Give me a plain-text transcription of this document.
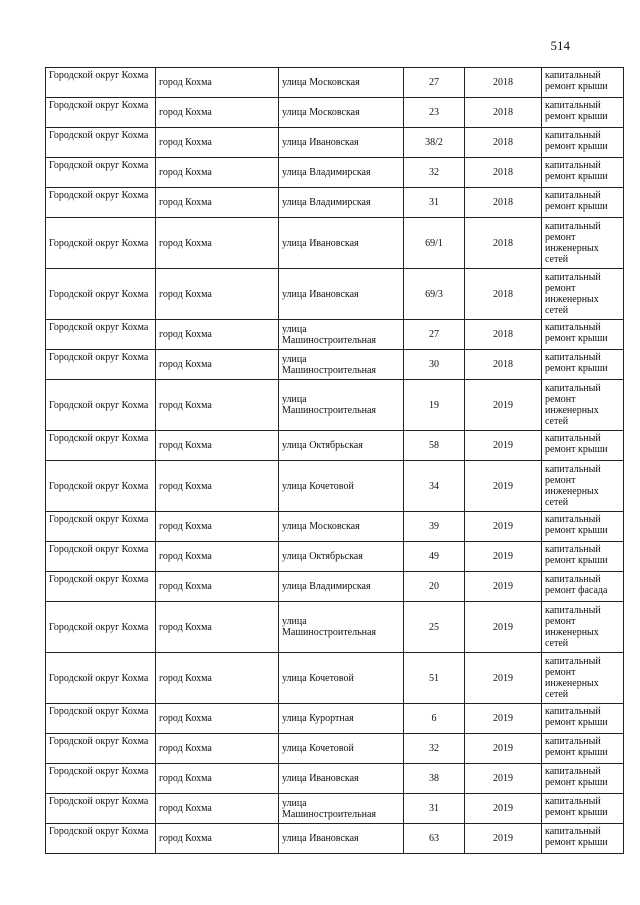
514
Городской округ Кохма	город Кохма	улица Московская	27	2018	капитальный ремонт крыши
Городской округ Кохма	город Кохма	улица Московская	23	2018	капитальный ремонт крыши
Городской округ Кохма	город Кохма	улица Ивановская	38/2	2018	капитальный ремонт крыши
Городской округ Кохма	город Кохма	улица Владимирская	32	2018	капитальный ремонт крыши
Городской округ Кохма	город Кохма	улица Владимирская	31	2018	капитальный ремонт крыши
Городской округ Кохма	город Кохма	улица Ивановская	69/1	2018	капитальный ремонт инженерных сетей
Городской округ Кохма	город Кохма	улица Ивановская	69/3	2018	капитальный ремонт инженерных сетей
Городской округ Кохма	город Кохма	улица Машиностроительная	27	2018	капитальный ремонт крыши
Городской округ Кохма	город Кохма	улица Машиностроительная	30	2018	капитальный ремонт крыши
Городской округ Кохма	город Кохма	улица Машиностроительная	19	2019	капитальный ремонт инженерных сетей
Городской округ Кохма	город Кохма	улица Октябрьская	58	2019	капитальный ремонт крыши
Городской округ Кохма	город Кохма	улица Кочетовой	34	2019	капитальный ремонт инженерных сетей
Городской округ Кохма	город Кохма	улица Московская	39	2019	капитальный ремонт крыши
Городской округ Кохма	город Кохма	улица Октябрьская	49	2019	капитальный ремонт крыши
Городской округ Кохма	город Кохма	улица Владимирская	20	2019	капитальный ремонт фасада
Городской округ Кохма	город Кохма	улица Машиностроительная	25	2019	капитальный ремонт инженерных сетей
Городской округ Кохма	город Кохма	улица Кочетовой	51	2019	капитальный ремонт инженерных сетей
Городской округ Кохма	город Кохма	улица Курортная	6	2019	капитальный ремонт крыши
Городской округ Кохма	город Кохма	улица Кочетовой	32	2019	капитальный ремонт крыши
Городской округ Кохма	город Кохма	улица Ивановская	38	2019	капитальный ремонт крыши
Городской округ Кохма	город Кохма	улица Машиностроительная	31	2019	капитальный ремонт крыши
Городской округ Кохма	город Кохма	улица Ивановская	63	2019	капитальный ремонт крыши
